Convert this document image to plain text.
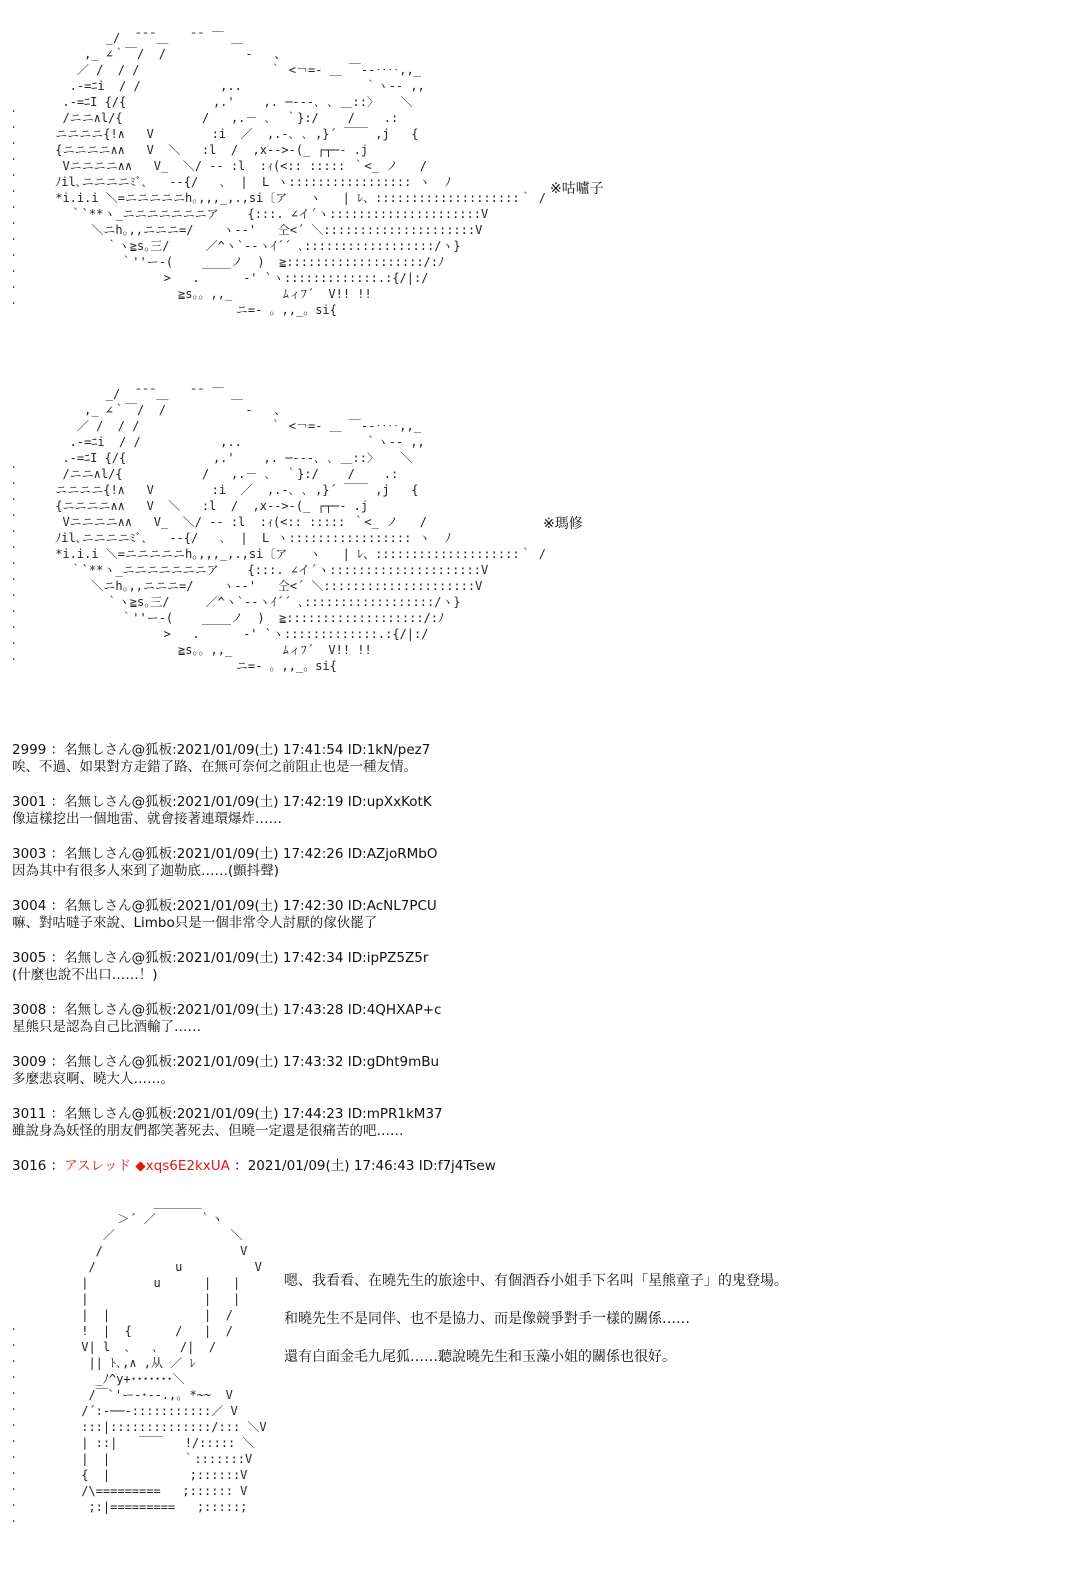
.
.
.
.
.
.
.
.
.
.
.
.
.
_/  ̄ ̄ ̄ ＿   ̄ ̄  ￣ ＿
,_ ∠｀￣/  /           ‐   、
／ /  / /                  ｀ <￢=- ＿ ￣--‥‥,,_
.-=ﾆi  / /           ,..                 ｀ヽ-- ,,
.-=ﾆI {/{            ,.'    ,. ─‐‐-､ ､ ＿::〉   ＼
/ニニ∧l/{           /   ,.－ ､  ｀}:/    /    .:
ニニニニ{!∧   V        :i  ／  ,.-､ ､ ,}´ ￣￣ ,j   {
{ニニニニ∧∧   V  ＼   :l  /  ,x-->-(_ ┌┬─‐ .j
Vニニニニ∧∧   V_  ＼/ -- :l  :ｨ(<:: ::::: ｀<_ ノ   /
ﾉil､ニニニニﾐﾞ､   --{/   ､  |  L ヽ::::::::::::::::: ヽ  ﾉ
*i.i.i ＼=ニニニニニh｡,,,_,.,si〔ア   ヽ   | ﾚ、::::::::::::::::::::｀ /
｀`**ヽ_ニニニニニニニア    {:::. ∠イ´ヽ:::::::::::::::::::::V
＼ニh｡,,ニニニ=/    ヽ--'   仝<´ ＼:::::::::::::::::::::V
｀ヽ≧s｡三/     ／^ヽ`--ヽｲ´´ ､::::::::::::::::::/ヽ}
｀''ー-(    ____ノ  )  ≧:::::::::::::::::::/:ﾉ
>   .      -' `ヽ:::::::::::::.:{/|:/
≧s｡。,,_       ﾑィﾌ´  V!! !!
ニ=- 。,,_。si{
※咕嚧子
.
.
.
.
.
.
.
.
.
.
.
.
.
_/  ̄ ̄ ̄ ＿   ̄ ̄  ￣ ＿
,_ ∠｀￣/  /           ‐   、
／ /  / /                  ｀ <￢=- ＿ ￣--‥‥,,_
.-=ﾆi  / /           ,..                 ｀ヽ-- ,,
.-=ﾆI {/{            ,.'    ,. ─‐‐-､ ､ ＿::〉   ＼
/ニニ∧l/{           /   ,.－ ､  ｀}:/    /    .:
ニニニニ{!∧   V        :i  ／  ,.-､ ､ ,}´ ￣￣ ,j   {
{ニニニニ∧∧   V  ＼   :l  /  ,x-->-(_ ┌┬─‐ .j
Vニニニニ∧∧   V_  ＼/ -- :l  :ｨ(<:: ::::: ｀<_ ノ   /
ﾉil､ニニニニﾐﾞ､   --{/   ､  |  L ヽ::::::::::::::::: ヽ  ﾉ
*i.i.i ＼=ニニニニニh｡,,,_,.,si〔ア   ヽ   | ﾚ、::::::::::::::::::::｀ /
｀`**ヽ_ニニニニニニニア    {:::. ∠イ´ヽ:::::::::::::::::::::V
＼ニh｡,,ニニニ=/    ヽ--'   仝<´ ＼:::::::::::::::::::::V
｀ヽ≧s｡三/     ／^ヽ`--ヽｲ´´ ､::::::::::::::::::/ヽ}
｀''ー-(    ____ノ  )  ≧:::::::::::::::::::/:ﾉ
>   .      -' `ヽ:::::::::::::.:{/|:/
≧s｡。,,_       ﾑィﾌ´  V!! !!
ニ=- 。,,_。si{
※瑪修
2999 ：名無しさん@狐板:2021/01/09(土) 17:41:54 ID:1kN/pez7
唉、不過、如果對方走錯了路、在無可奈何之前阻止也是一種友情。
3001 ：名無しさん@狐板:2021/01/09(土) 17:42:19 ID:upXxKotK
像這樣挖出一個地雷、就會接著連環爆炸……
3003 ：名無しさん@狐板:2021/01/09(土) 17:42:26 ID:AZjoRMbO
因為其中有很多人來到了迦勒底……(顫抖聲)
3004 ：名無しさん@狐板:2021/01/09(土) 17:42:30 ID:AcNL7PCU
嘛、對咕噠子來說、Limbo只是一個非常令人討厭的傢伙罷了
3005 ：名無しさん@狐板:2021/01/09(土) 17:42:34 ID:ipPZ5Z5r
(什麼也說不出口……！)
3008 ：名無しさん@狐板:2021/01/09(土) 17:43:28 ID:4QHXAP+c
星熊只是認為自己比酒輸了……
3009 ：名無しさん@狐板:2021/01/09(土) 17:43:32 ID:gDht9mBu
多麼悲哀啊、曉大人……。
3011 ：名無しさん@狐板:2021/01/09(土) 17:44:23 ID:mPR1kM37
雖說身為妖怪的朋友們都笑著死去、但曉一定還是很痛苦的吧……
3016 ：アスレッド ◆xqs6E2kxUA ：2021/01/09(土) 17:46:43 ID:f7j4Tsew
.
.
.
.
.
.
.
.
.
.
.
.
.
＿＿＿＿
＞´ ／      ｀ヽ
／                ＼
/                   V
/           u          V
|         u      |   |
|                |   |
|  |             |  /
!  |  {      /   |  /
V| l  ､   ､   /|  /
|| ﾄ､,∧ ,从 ／ ﾚ
_ﾉ^y+･･･････＼
/￣`'ー‐･‐‐.,｡ *~~  V
/´:‐──-:::::::::::／ V
:::|::::::::::::::/::: ＼V
| ::|   ￣￣   !/::::: ＼
|  |          ｀:::::::V
{  |           ;::::::V
/\=========   ;:::::: V
;:|=========   ;:::::;
嗯、我看看、在曉先生的旅途中、有個酒呑小姐手下名叫「星熊童子」的鬼登場。
和曉先生不是同伴、也不是協力、而是像競爭對手一樣的關係……
還有白面金毛九尾狐……聽說曉先生和玉藻小姐的關係也很好。
